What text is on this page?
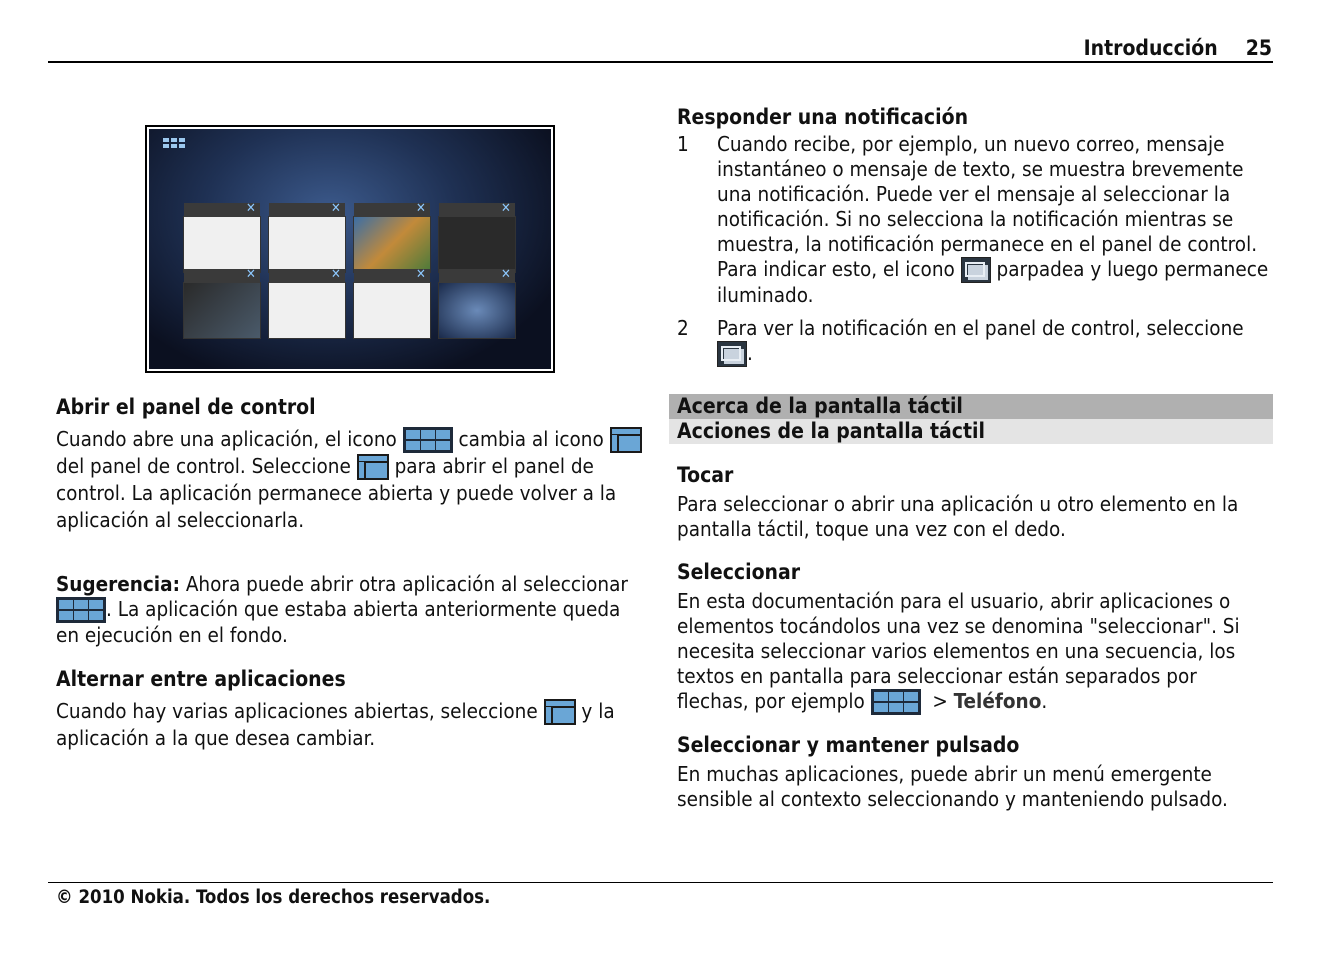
Introducción 25
✕	✕	✕	✕
✕	✕	✕	✕
Abrir el panel de control

Cuando abre una aplicación, el icono	cambia al icono
del panel de control. Seleccione para abrir el panel de control. La aplicación permanece abierta y puede volver a la aplicación al seleccionarla.

Sugerencia: Ahora puede abrir otra aplicación al seleccionar
. La aplicación que estaba abierta anteriormente queda en ejecución en el fondo.

Alternar entre aplicaciones

Cuando hay varias aplicaciones abiertas, seleccione y la aplicación a la que desea cambiar.

Responder una notificación
1 Cuando recibe, por ejemplo, un nuevo correo, mensaje instantáneo o mensaje de texto, se muestra brevemente una notificación. Puede ver el mensaje al seleccionar la notificación. Si no selecciona la notificación mientras se muestra, la notificación permanece en el panel de control. Para indicar esto, el icono parpadea y luego permanece iluminado.
2 Para ver la notificación en el panel de control, seleccione
.
Acerca de la pantalla táctil
Acciones de la pantalla táctil
Tocar

Para seleccionar o abrir una aplicación u otro elemento en la pantalla táctil, toque una vez con el dedo.

Seleccionar

En esta documentación para el usuario, abrir aplicaciones o elementos tocándolos una vez se denomina "seleccionar". Si necesita seleccionar varios elementos en una secuencia, los textos en pantalla para seleccionar están separados por flechas, por ejemplo	> Teléfono.

Seleccionar y mantener pulsado

En muchas aplicaciones, puede abrir un menú emergente sensible al contexto seleccionando y manteniendo pulsado.

© 2010 Nokia. Todos los derechos reservados.
